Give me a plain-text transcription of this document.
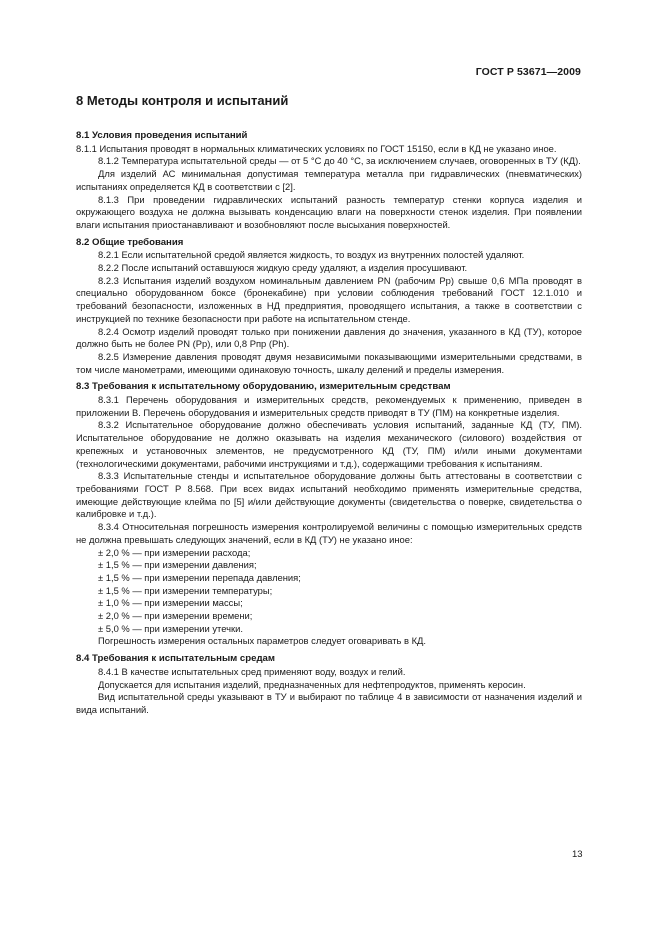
ГОСТ Р 53671—2009
8 Методы контроля и испытаний

8.1 Условия проведения испытаний

8.1.1 Испытания проводят в нормальных климатических условиях по ГОСТ 15150, если в КД не указано иное.

8.1.2 Температура испытательной среды — от 5 °С до 40 °С, за исключением случаев, оговоренных в ТУ (КД).

Для изделий АС минимальная допустимая температура металла при гидравлических (пневматических) испытаниях определяется КД в соответствии с [2].

8.1.3 При проведении гидравлических испытаний разность температур стенки корпуса изделия и окружающего воздуха не должна вызывать конденсацию влаги на поверхности стенок изделия. При появлении влаги испытания приостанавливают и возобновляют после высыхания поверхностей.

8.2 Общие требования

8.2.1 Если испытательной средой является жидкость, то воздух из внутренних полостей удаляют.

8.2.2 После испытаний оставшуюся жидкую среду удаляют, а изделия просушивают.

8.2.3 Испытания изделий воздухом номинальным давлением PN (рабочим Pр) свыше 0,6 МПа проводят в специально оборудованном боксе (бронекабине) при условии соблюдения требований ГОСТ 12.1.010 и требований безопасности, изложенных в НД предприятия, проводящего испытания, а также в соответствии с инструкцией по технике безопасности при работе на испытательном стенде.

8.2.4 Осмотр изделий проводят только при понижении давления до значения, указанного в КД (ТУ), которое должно быть не более PN (Pр), или 0,8 Pпр (Ph).

8.2.5 Измерение давления проводят двумя независимыми показывающими измерительными средствами, в том числе манометрами, имеющими одинаковую точность, шкалу делений и пределы измерения.

8.3 Требования к испытательному оборудованию, измерительным средствам

8.3.1 Перечень оборудования и измерительных средств, рекомендуемых к применению, приведен в приложении В. Перечень оборудования и измерительных средств приводят в ТУ (ПМ) на конкретные изделия.

8.3.2 Испытательное оборудование должно обеспечивать условия испытаний, заданные КД (ТУ, ПМ). Испытательное оборудование не должно оказывать на изделия механического (силового) воздействия от крепежных и установочных элементов, не предусмотренного КД (ТУ, ПМ) и/или иными документами (технологическими документами, рабочими инструкциями и т.д.), содержащими требования к испытаниям.

8.3.3 Испытательные стенды и испытательное оборудование должны быть аттестованы в соответствии с требованиями ГОСТ Р 8.568. При всех видах испытаний необходимо применять измерительные средства, имеющие действующие клейма по [5] и/или действующие документы (свидетельства о поверке, свидетельства о калибровке и т.д.).

8.3.4 Относительная погрешность измерения контролируемой величины с помощью измерительных средств не должна превышать следующих значений, если в КД (ТУ) не указано иное:

± 2,0 % — при измерении расхода;

± 1,5 % — при измерении давления;

± 1,5 % — при измерении перепада давления;

± 1,5 % — при измерении температуры;

± 1,0 % — при измерении массы;

± 2,0 % — при измерении времени;

± 5,0 % — при измерении утечки.

Погрешность измерения остальных параметров следует оговаривать в КД.

8.4 Требования к испытательным средам

8.4.1 В качестве испытательных сред применяют воду, воздух и гелий.

Допускается для испытания изделий, предназначенных для нефтепродуктов, применять керосин.

Вид испытательной среды указывают в ТУ и выбирают по таблице 4 в зависимости от назначения изделий и вида испытаний.

13
